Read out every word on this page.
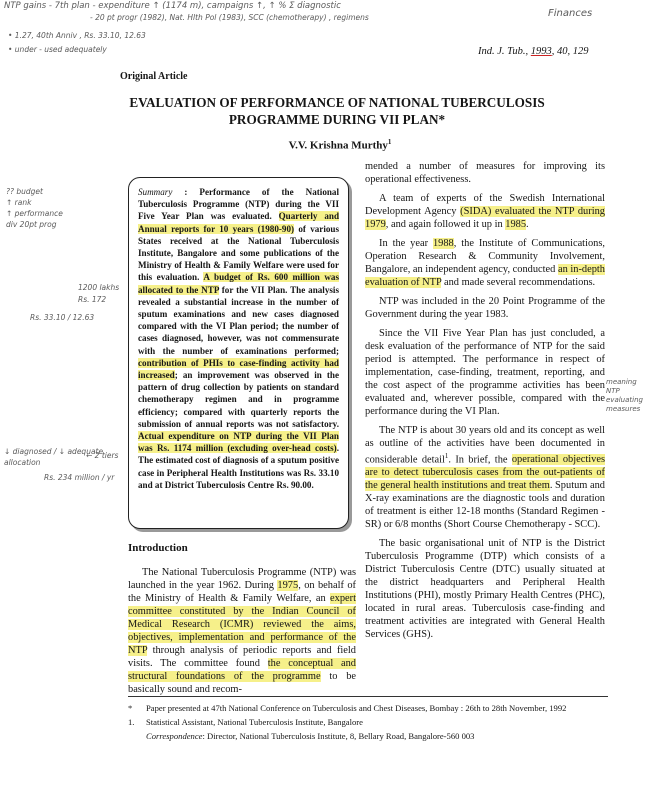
NTP gains - 7th plan - expenditure ↑ (1174 m), campaigns ↑, ↑ % Σ diagnostic
- 20 pt progr (1982), Nat. Hlth Pol (1983), SCC (chemotherapy) , regimens
• 1.27, 40th Anniv , Rs. 33.10, 12.63
• under - used adequately
Finances
?? budget
↑ rank
↑ performance
div 20pt prog
1200 lakhs
Rs. 172
Rs. 33.10 / 12.63
↓ diagnosed / ↓ adequate
allocation
← 2 tiers
Rs. 234 million / yr
meaning
NTP
evaluating
measures
Ind. J. Tub., 1993, 40, 129
Original Article
EVALUATION OF PERFORMANCE OF NATIONAL TUBERCULOSIS PROGRAMME DURING VII PLAN*
V.V. Krishna Murthy$^1$

Summary : Performance of the National Tuberculosis Programme (NTP) during the VII Five Year Plan was evaluated. Quarterly and Annual reports for 10 years (1980-90) of various States received at the National Tuberculosis Institute, Bangalore and some publications of the Ministry of Health & Family Welfare were used for this evaluation. A budget of Rs. 600 million was allocated to the NTP for the VII Plan. The analysis revealed a substantial increase in the number of sputum examinations and new cases diagnosed compared with the VI Plan period; the number of cases diagnosed, however, was not commensurate with the number of examinations performed; contribution of PHIs to case-finding activity had increased; an improvement was observed in the pattern of drug collection by patients on standard chemotherapy regimen and in programme efficiency; compared with quarterly reports the submission of annual reports was not satisfactory. Actual expenditure on NTP during the VII Plan was Rs. 1174 million (excluding over-head costs). The estimated cost of diagnosis of a sputum positive case in Peripheral Health Institutions was Rs. 33.10 and at District Tuberculosis Centre Rs. 90.00.

Introduction

The National Tuberculosis Programme (NTP) was launched in the year 1962. During 1975, on behalf of the Ministry of Health & Family Welfare, an expert committee constituted by the Indian Council of Medical Research (ICMR) reviewed the aims, objectives, implementation and performance of the NTP through analysis of periodic reports and field visits. The committee found the conceptual and structural foundations of the programme to be basically sound and recom-

mended a number of measures for improving its operational effectiveness.

A team of experts of the Swedish International Development Agency (SIDA) evaluated the NTP during 1979, and again followed it up in 1985.

In the year 1988, the Institute of Communications, Operation Research & Community Involvement, Bangalore, an independent agency, conducted an in-depth evaluation of NTP and made several recommendations.

NTP was included in the 20 Point Programme of the Government during the year 1983.

Since the VII Five Year Plan has just concluded, a desk evaluation of the performance of NTP for the said period is attempted. The performance in respect of implementation, case-finding, treatment, reporting, and the cost aspect of the programme activities has been evaluated and, wherever possible, compared with the performance during the VI Plan.

The NTP is about 30 years old and its concept as well as outline of the activities have been documented in considerable detail$^1$. In brief, the operational objectives are to detect tuberculosis cases from the out-patients of the general health institutions and treat them. Sputum and X-ray examinations are the diagnostic tools and duration of treatment is either 12-18 months (Standard Regimen - SR) or 6/8 months (Short Course Chemotherapy - SCC).

The basic organisational unit of NTP is the District Tuberculosis Programme (DTP) which consists of a District Tuberculosis Centre (DTC) usually situated at the district headquarters and Peripheral Health Institutions (PHI), mostly Primary Health Centres (PHC), located in rural areas. Tuberculosis case-finding and treatment activities are integrated with General Health Services (GHS).

*	Paper presented at 47th National Conference on Tuberculosis and Chest Diseases, Bombay : 26th to 28th November, 1992
1.	Statistical Assistant, National Tuberculosis Institute, Bangalore
Correspondence: Director, National Tuberculosis Institute, 8, Bellary Road, Bangalore-560 003
